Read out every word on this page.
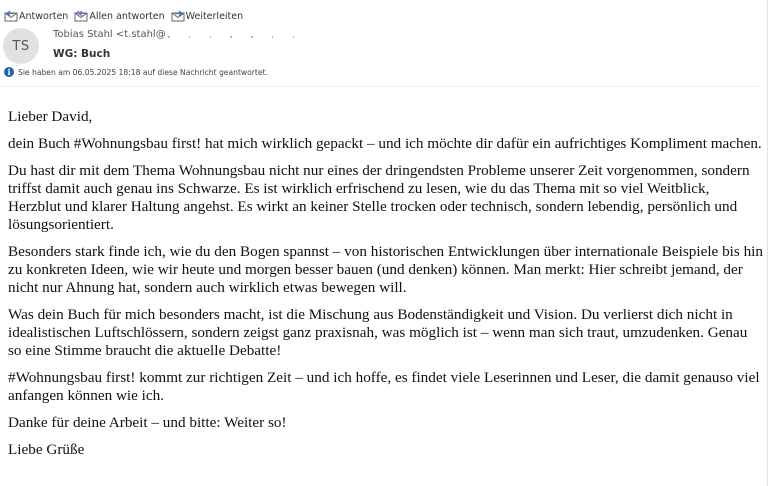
Antworten Allen antworten Weiterleiten
TS
Tobias Stahl <t.stahl@
WG: Buch
i Sie haben am 06.05.2025 18:18 auf diese Nachricht geantwortet.

Lieber David,

dein Buch #Wohnungsbau first! hat mich wirklich gepackt – und ich möchte dir dafür ein aufrichtiges Kompliment machen.

Du hast dir mit dem Thema Wohnungsbau nicht nur eines der dringendsten Probleme unserer Zeit vorgenommen, sondern triffst damit auch genau ins Schwarze. Es ist wirklich erfrischend zu lesen, wie du das Thema mit so viel Weitblick, Herzblut und klarer Haltung angehst. Es wirkt an keiner Stelle trocken oder technisch, sondern lebendig, persönlich und lösungsorientiert.

Besonders stark finde ich, wie du den Bogen spannst – von historischen Entwicklungen über internationale Beispiele bis hin zu konkreten Ideen, wie wir heute und morgen besser bauen (und denken) können. Man merkt: Hier schreibt jemand, der nicht nur Ahnung hat, sondern auch wirklich etwas bewegen will.

Was dein Buch für mich besonders macht, ist die Mischung aus Bodenständigkeit und Vision. Du verlierst dich nicht in idealistischen Luftschlössern, sondern zeigst ganz praxisnah, was möglich ist – wenn man sich traut, umzudenken. Genau so eine Stimme braucht die aktuelle Debatte!

#Wohnungsbau first! kommt zur richtigen Zeit – und ich hoffe, es findet viele Leserinnen und Leser, die damit genauso viel anfangen können wie ich.

Danke für deine Arbeit – und bitte: Weiter so!

Liebe Grüße
